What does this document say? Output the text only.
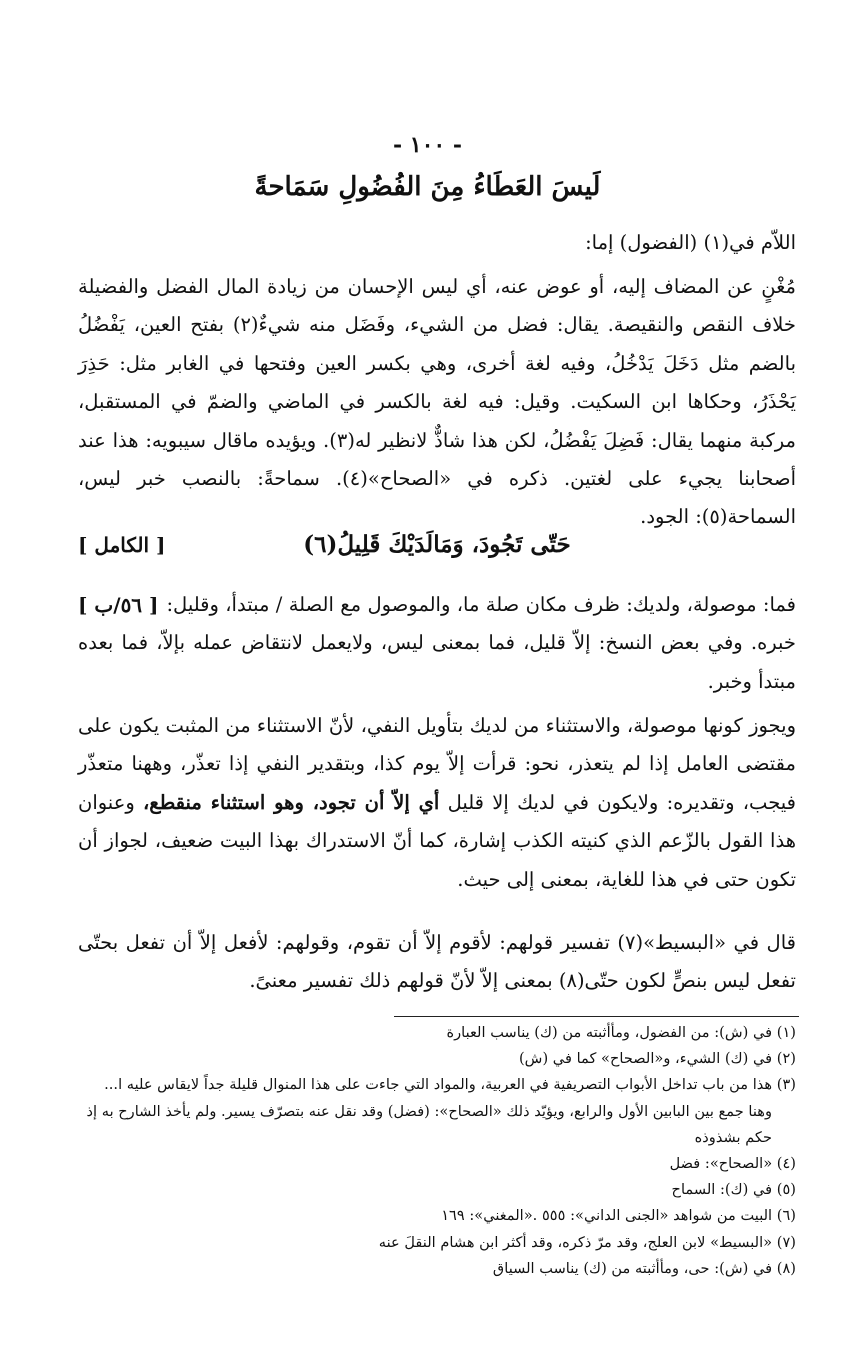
- ١٠٠ -
لَيسَ العَطَاءُ مِنَ الفُضُولِ سَمَاحةً
اللاّم في(١) (الفضول) إما:
مُغْنٍ عن المضاف إليه، أو عوض عنه، أي ليس الإحسان من زيادة المال الفضل والفضيلة خلاف النقص والنقيصة. يقال: فضل من الشيء، وفَضَل منه شيءٌ(٢) بفتح العين، يَفْضُلُ بالضم مثل دَخَلَ يَدْخُلُ، وفيه لغة أخرى، وهي بكسر العين وفتحها في الغابر مثل: حَذِرَ يَحْذَرُ، وحكاها ابن السكيت. وقيل: فيه لغة بالكسر في الماضي والضمّ في المستقبل، مركبة منهما يقال: فَضِلَ يَفْضُلُ، لكن هذا شاذٌّ لانظير له(٣). ويؤيده ماقال سيبويه: هذا عند أصحابنا يجيء على لغتين. ذكره في «الصحاح»(٤). سماحةً: بالنصب خبر ليس، السماحة(٥): الجود.
حَتّى تَجُودَ، وَمَالَدَيْكَ قَلِيلُ(٦)
[ الكامل ]
[ ٥٦/ب ] فما: موصولة، ولديك: ظرف مكان صلة ما، والموصول مع الصلة / مبتدأ، وقليل: خبره. وفي بعض النسخ: إلاّ قليل، فما بمعنى ليس، ولايعمل لانتقاض عمله بإلاّ، فما بعده مبتدأ وخبر.
ويجوز كونها موصولة، والاستثناء من لديك بتأويل النفي، لأنّ الاستثناء من المثبت يكون على مقتضى العامل إذا لم يتعذر، نحو: قرأت إلاّ يوم كذا، وبتقدير النفي إذا تعذّر، وههنا متعذّر فيجب، وتقديره: ولايكون في لديك إلا قليل أي إلاّ أن تجود، وهو استثناء منقطع، وعنوان هذا القول بالزّعم الذي كنيته الكذب إشارة، كما أنّ الاستدراك بهذا البيت ضعيف، لجواز أن تكون حتى في هذا للغاية، بمعنى إلى حيث.
قال في «البسيط»(٧) تفسير قولهم: لأقوم إلاّ أن تقوم، وقولهم: لأفعل إلاّ أن تفعل بحتّى تفعل ليس بنصٍّ لكون حتّى(٨) بمعنى إلاّ لأنّ قولهم ذلك تفسير معنىً.
(١) في (ش): من الفضول، ومأأثبته من (ك) يناسب العبارة
(٢) في (ك) الشيء، و«الصحاح» كما في (ش)
(٣) هذا من باب تداخل الأبواب التصريفية في العربية، والمواد التي جاءت على هذا المنوال قليلة جداً لايقاس عليه ا...
وهنا جمع بين البابين الأول والرابع، ويؤيّد ذلك «الصحاح»: (فضل) وقد نقل عنه بتصرّف يسير. ولم يأخذ الشارح به إذ حكم بشذوذه
(٤) «الصحاح»: فضل
(٥) في (ك): السماح
(٦) البيت من شواهد «الجنى الداني»: ٥٥٥ .«المغني»: ١٦٩
(٧) «البسيط» لابن العلج، وقد مرّ ذكره، وقد أكثر ابن هشام النقلَ عنه
(٨) في (ش): حى، ومأأثبته من (ك) يناسب السياق
